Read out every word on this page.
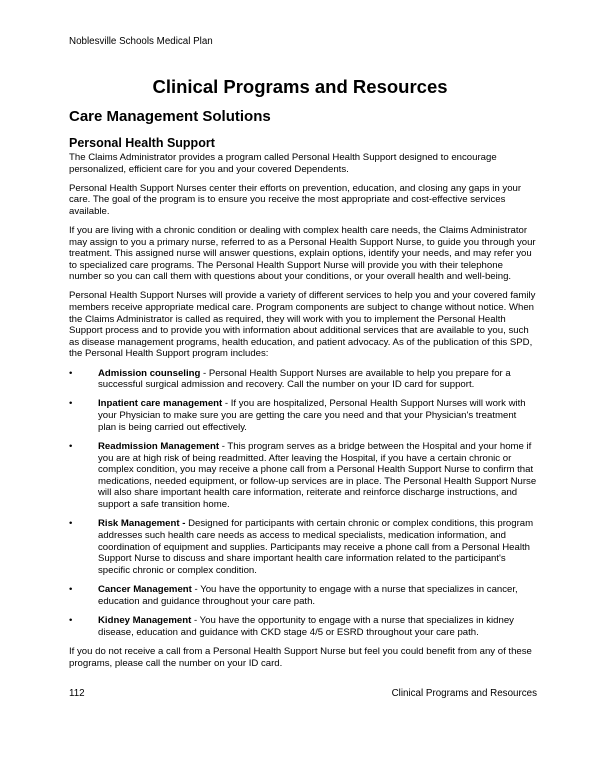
Noblesville Schools Medical Plan
Clinical Programs and Resources
Care Management Solutions
Personal Health Support

The Claims Administrator provides a program called Personal Health Support designed to encourage personalized, efficient care for you and your covered Dependents.

Personal Health Support Nurses center their efforts on prevention, education, and closing any gaps in your care. The goal of the program is to ensure you receive the most appropriate and cost-effective services available.

If you are living with a chronic condition or dealing with complex health care needs, the Claims Administrator may assign to you a primary nurse, referred to as a Personal Health Support Nurse, to guide you through your treatment. This assigned nurse will answer questions, explain options, identify your needs, and may refer you to specialized care programs. The Personal Health Support Nurse will provide you with their telephone number so you can call them with questions about your conditions, or your overall health and well-being.

Personal Health Support Nurses will provide a variety of different services to help you and your covered family members receive appropriate medical care. Program components are subject to change without notice. When the Claims Administrator is called as required, they will work with you to implement the Personal Health Support process and to provide you with information about additional services that are available to you, such as disease management programs, health education, and patient advocacy. As of the publication of this SPD, the Personal Health Support program includes:

•	Admission counseling - Personal Health Support Nurses are available to help you prepare for a successful surgical admission and recovery. Call the number on your ID card for support.
•	Inpatient care management - If you are hospitalized, Personal Health Support Nurses will work with your Physician to make sure you are getting the care you need and that your Physician's treatment plan is being carried out effectively.
•	Readmission Management - This program serves as a bridge between the Hospital and your home if you are at high risk of being readmitted. After leaving the Hospital, if you have a certain chronic or complex condition, you may receive a phone call from a Personal Health Support Nurse to confirm that medications, needed equipment, or follow-up services are in place. The Personal Health Support Nurse will also share important health care information, reiterate and reinforce discharge instructions, and support a safe transition home.
•	Risk Management - Designed for participants with certain chronic or complex conditions, this program addresses such health care needs as access to medical specialists, medication information, and coordination of equipment and supplies. Participants may receive a phone call from a Personal Health Support Nurse to discuss and share important health care information related to the participant's specific chronic or complex condition.
•	Cancer Management - You have the opportunity to engage with a nurse that specializes in cancer, education and guidance throughout your care path.
•	Kidney Management - You have the opportunity to engage with a nurse that specializes in kidney disease, education and guidance with CKD stage 4/5 or ESRD throughout your care path.

If you do not receive a call from a Personal Health Support Nurse but feel you could benefit from any of these programs, please call the number on your ID card.

112	Clinical Programs and Resources
